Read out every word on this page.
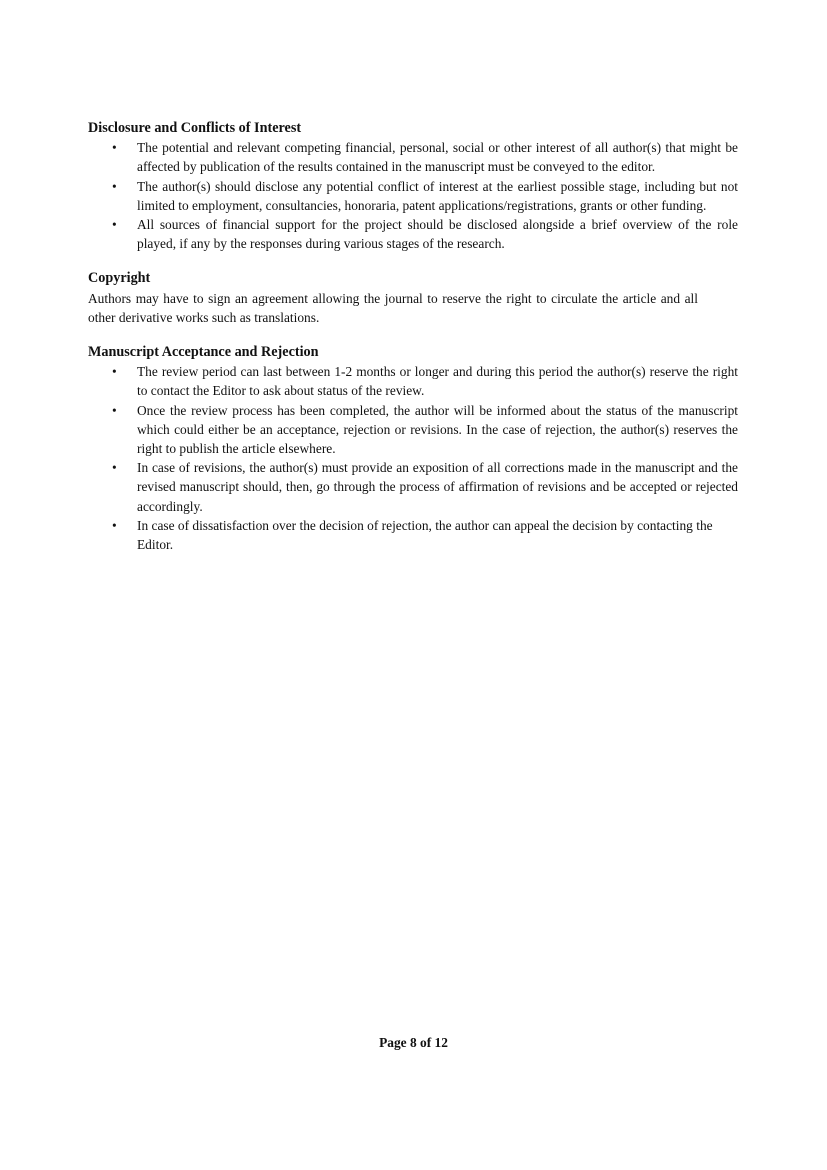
Disclosure and Conflicts of Interest
• The potential and relevant competing financial, personal, social or other interest of all author(s) that might be affected by publication of the results contained in the manuscript must be conveyed to the editor.
• The author(s) should disclose any potential conflict of interest at the earliest possible stage, including but not limited to employment, consultancies, honoraria, patent applications/registrations, grants or other funding.
• All sources of financial support for the project should be disclosed alongside a brief overview of the role played, if any by the responses during various stages of the research.
Copyright

Authors may have to sign an agreement allowing the journal to reserve the right to circulate the article and all other derivative works such as translations.

Manuscript Acceptance and Rejection
• The review period can last between 1-2 months or longer and during this period the author(s) reserve the right to contact the Editor to ask about status of the review.
• Once the review process has been completed, the author will be informed about the status of the manuscript which could either be an acceptance, rejection or revisions. In the case of rejection, the author(s) reserves the right to publish the article elsewhere.
• In case of revisions, the author(s) must provide an exposition of all corrections made in the manuscript and the revised manuscript should, then, go through the process of affirmation of revisions and be accepted or rejected accordingly.
• In case of dissatisfaction over the decision of rejection, the author can appeal the decision by contacting the Editor.
Page 8 of 12
